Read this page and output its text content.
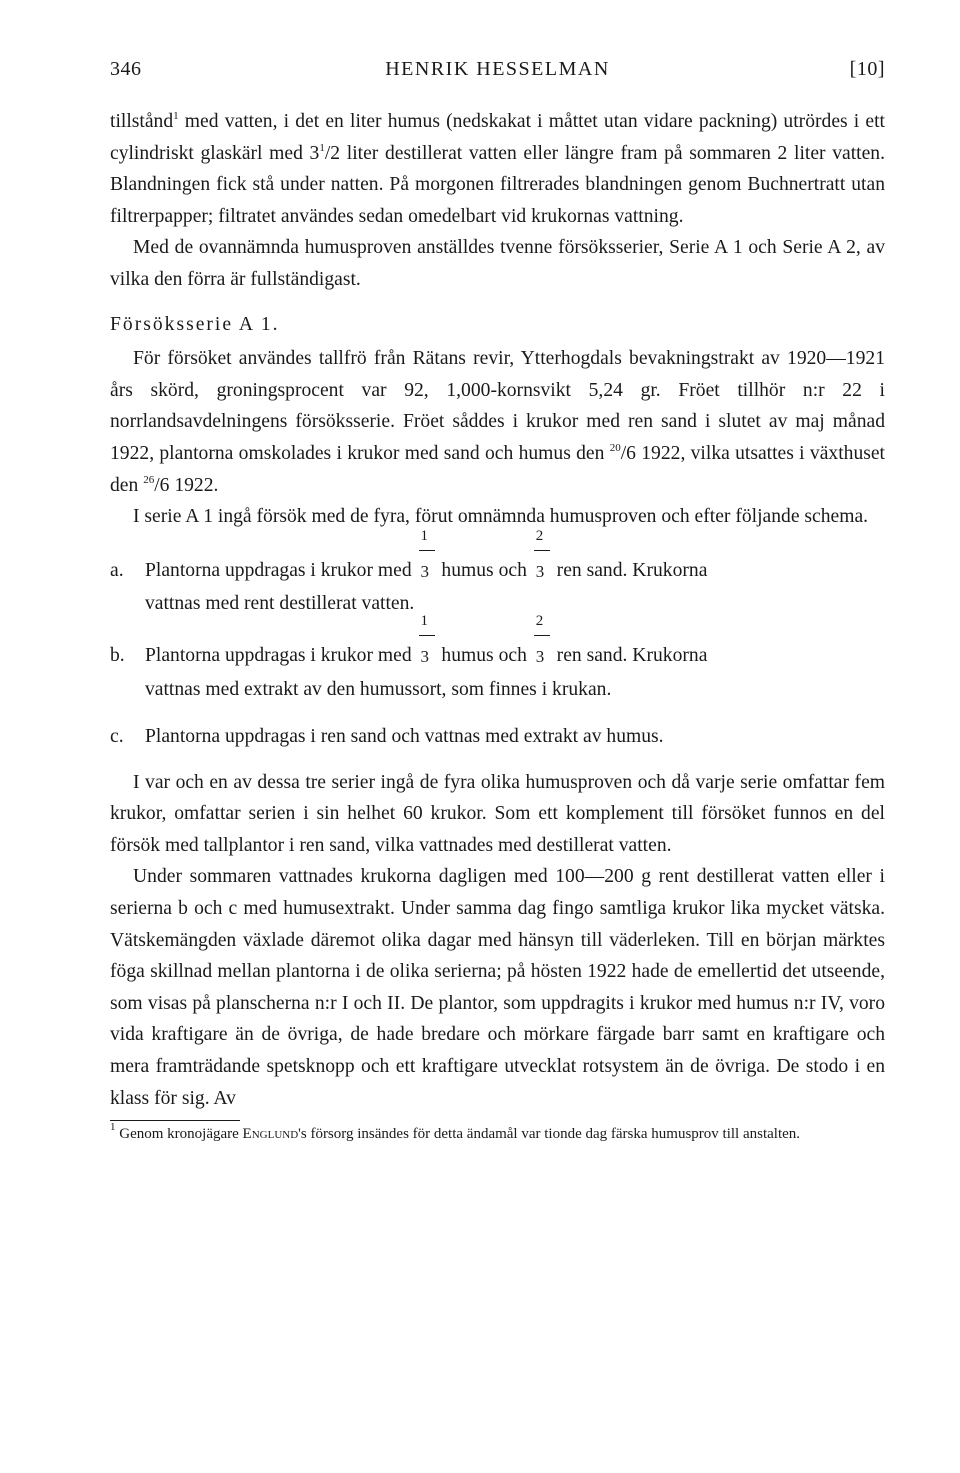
346	HENRIK HESSELMAN	[10]

tillstånd$^1$ med vatten, i det en liter humus (nedskakat i måttet utan vidare packning) utrördes i ett cylindriskt glaskärl med $3^1/2$ liter destillerat vatten eller längre fram på sommaren 2 liter vatten. Blandningen fick stå under natten. På morgonen filtrerades blandningen genom Buchnertratt utan filtrerpapper; filtratet användes sedan omedelbart vid krukornas vattning.

Med de ovannämnda humusproven anställdes tvenne försöksserier, Serie A 1 och Serie A 2, av vilka den förra är fullständigast.

Försöksserie A 1.

För försöket användes tallfrö från Rätans revir, Ytterhogdals bevakningstrakt av 1920—1921 års skörd, groningsprocent var 92, 1,000-kornsvikt 5,24 gr. Fröet tillhör n:r 22 i norrlandsavdelningens försöksserie. Fröet såddes i krukor med ren sand i slutet av maj månad 1922, plantorna omskolades i krukor med sand och humus den $^{20}$/6 1922, vilka utsattes i växthuset den $^{26}$/6 1922.

I serie A 1 ingå försök med de fyra, förut omnämnda humusproven och efter följande schema.

a. Plantorna uppdragas i krukor med $\frac{1}{3}$ humus och $\frac{2}{3}$ ren sand. Krukorna
vattnas med rent destillerat vatten.
b. Plantorna uppdragas i krukor med $\frac{1}{3}$ humus och $\frac{2}{3}$ ren sand. Krukorna
vattnas med extrakt av den humussort, som finnes i krukan.
c. Plantorna uppdragas i ren sand och vattnas med extrakt av humus.

I var och en av dessa tre serier ingå de fyra olika humusproven och då varje serie omfattar fem krukor, omfattar serien i sin helhet 60 krukor. Som ett komplement till försöket funnos en del försök med tallplantor i ren sand, vilka vattnades med destillerat vatten.

Under sommaren vattnades krukorna dagligen med 100—200 g rent destillerat vatten eller i serierna b och c med humusextrakt. Under samma dag fingo samtliga krukor lika mycket vätska. Vätskemängden växlade däremot olika dagar med hänsyn till väderleken. Till en början märktes föga skillnad mellan plantorna i de olika serierna; på hösten 1922 hade de emellertid det utseende, som visas på planscherna n:r I och II. De plantor, som uppdragits i krukor med humus n:r IV, voro vida kraftigare än de övriga, de hade bredare och mörkare färgade barr samt en kraftigare och mera framträdande spetsknopp och ett kraftigare utvecklat rotsystem än de övriga. De stodo i en klass för sig. Av

$^1$ Genom kronojägare Englund's försorg insändes för detta ändamål var tionde dag färska humusprov till anstalten.
